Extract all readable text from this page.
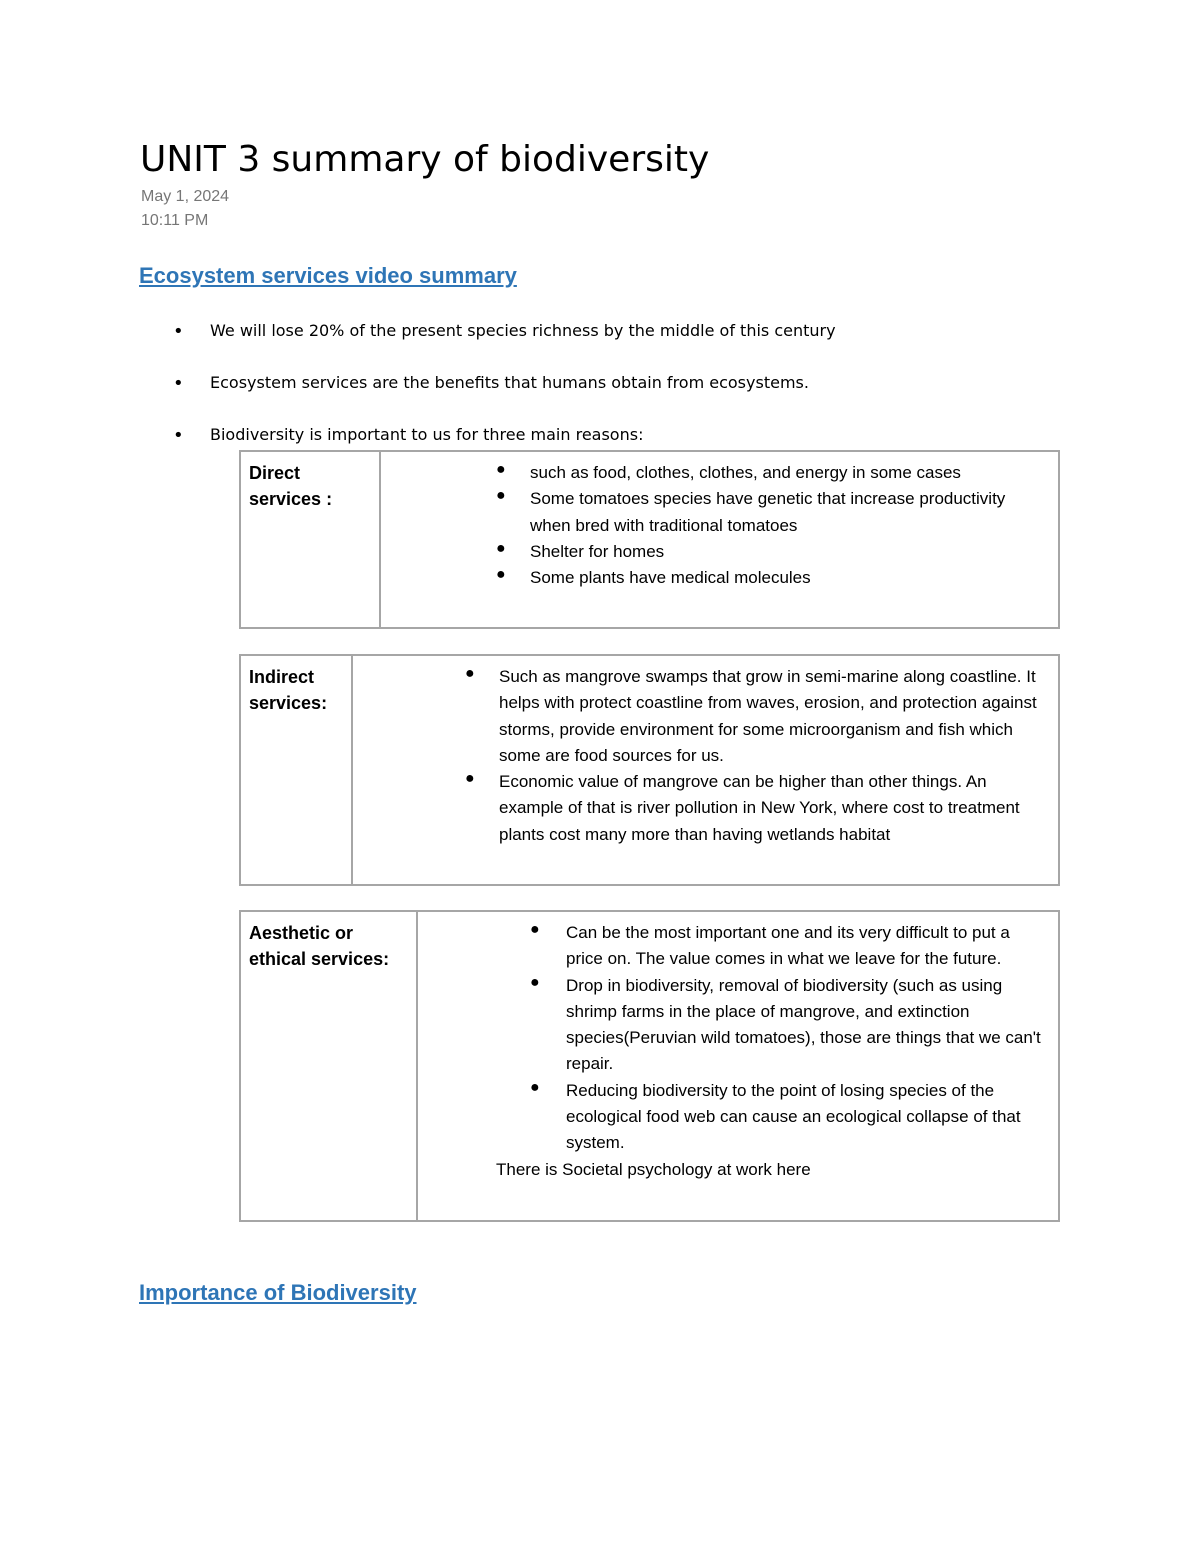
UNIT 3 summary of biodiversity
May 1, 2024
10:11 PM
Ecosystem services video summary
• We will lose 20% of the present species richness by the middle of this century
• Ecosystem services are the benefits that humans obtain from ecosystems.
• Biodiversity is important to us for three main reasons:
Direct
services :
● such as food, clothes, clothes, and energy in some cases
● Some tomatoes species have genetic that increase productivity when bred with traditional tomatoes
● Shelter for homes
● Some plants have medical molecules
Indirect
services:
● Such as mangrove swamps that grow in semi-marine along coastline. It helps with protect coastline from waves, erosion, and protection against storms, provide environment for some microorganism and fish which some are food sources for us.
● Economic value of mangrove can be higher than other things. An example of that is river pollution in New York, where cost to treatment plants cost many more than having wetlands habitat
Aesthetic or
ethical services:
● Can be the most important one and its very difficult to put a price on. The value comes in what we leave for the future.
● Drop in biodiversity, removal of biodiversity (such as using shrimp farms in the place of mangrove, and extinction species(Peruvian wild tomatoes), those are things that we can't repair.
● Reducing biodiversity to the point of losing species of the ecological food web can cause an ecological collapse of that system.
There is Societal psychology at work here
Importance of Biodiversity
